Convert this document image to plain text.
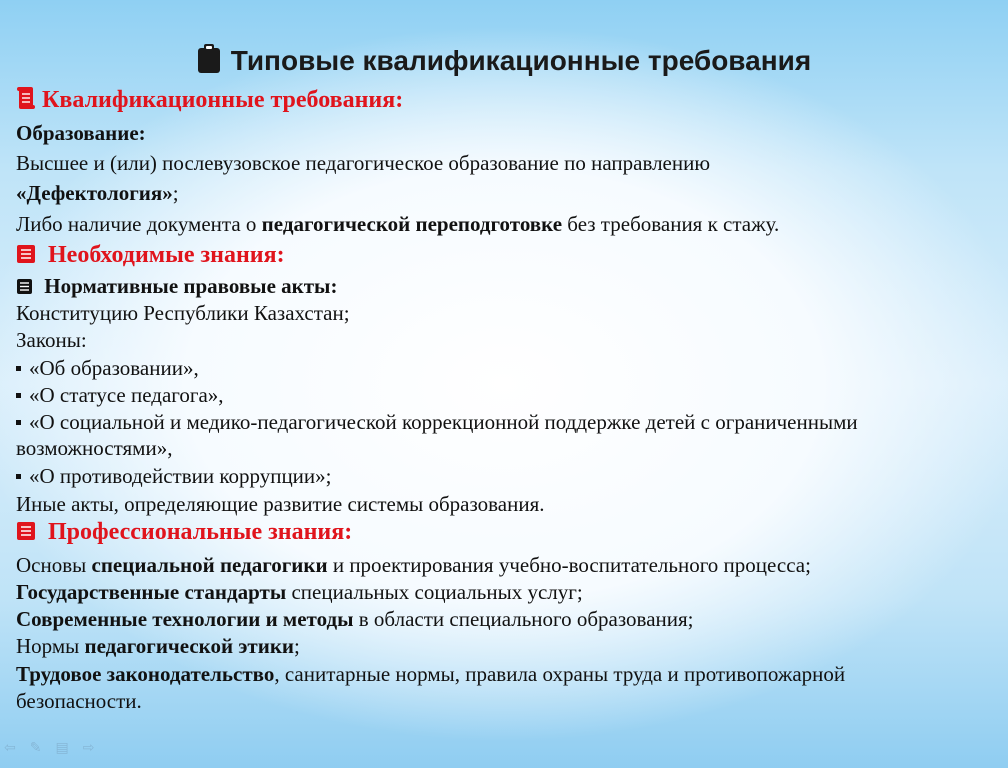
Типовые квалификационные требования
Квалификационные требования:
Образование:
Высшее и (или) послевузовское педагогическое образование по направлению
«Дефектология»;
Либо наличие документа о педагогической переподготовке без требования к стажу.
Необходимые знания:
Нормативные правовые акты:
Конституцию Республики Казахстан;
Законы:
«Об образовании»,
«О статусе педагога»,
«О социальной и медико-педагогической коррекционной поддержке детей с ограниченными
возможностями»,
«О противодействии коррупции»;
Иные акты, определяющие развитие системы образования.
Профессиональные знания:
Основы специальной педагогики и проектирования учебно-воспитательного процесса;
Государственные стандарты специальных социальных услуг;
Современные технологии и методы в области специального образования;
Нормы педагогической этики;
Трудовое законодательство, санитарные нормы, правила охраны труда и противопожарной
безопасности.
⇦ ✎ ▤ ⇨
